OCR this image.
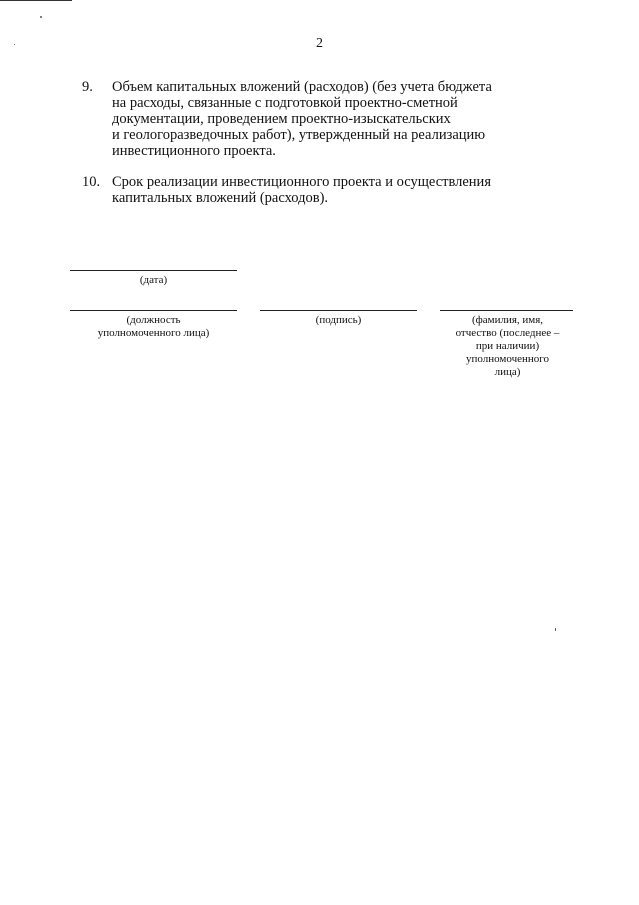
2
9. Объем капитальных вложений (расходов) (без учета бюджета
на расходы, связанные с подготовкой проектно-сметной
документации, проведением проектно-изыскательских
и геологоразведочных работ), утвержденный на реализацию
инвестиционного проекта.
10. Срок реализации инвестиционного проекта и осуществления
капитальных вложений (расходов).
(дата)
(должность
уполномоченного лица)
(подпись)	(фамилия, имя,
отчество (последнее –
при наличии)
уполномоченного
лица)
